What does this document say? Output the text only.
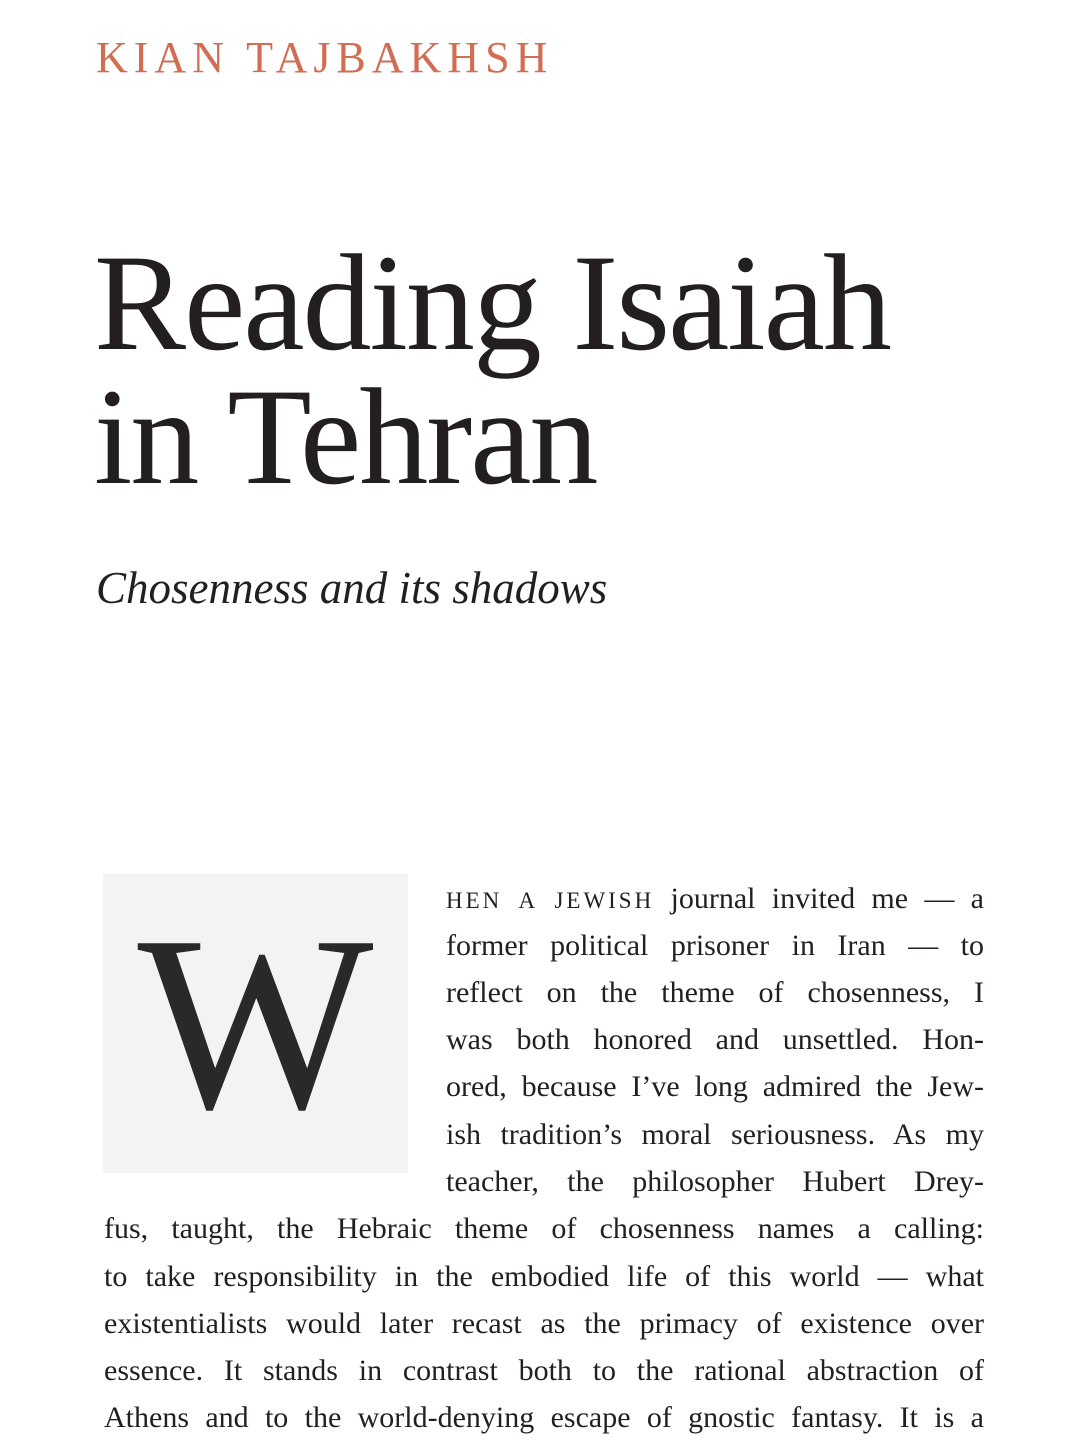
KIAN TAJBAKHSH
Reading Isaiah
in Tehran
Chosenness and its shadows
W	HEN A JEWISH journal invited me — a
former political prisoner in Iran — to
reflect on the theme of chosenness, I
was both honored and unsettled. Hon-
ored, because I’ve long admired the Jew-
ish tradition’s moral seriousness. As my
teacher, the philosopher Hubert Drey-
fus, taught, the Hebraic theme of chosenness names a calling:
to take responsibility in the embodied life of this world — what
existentialists would later recast as the primacy of existence over
essence. It stands in contrast both to the rational abstraction of
Athens and to the world-denying escape of gnostic fantasy. It is a
